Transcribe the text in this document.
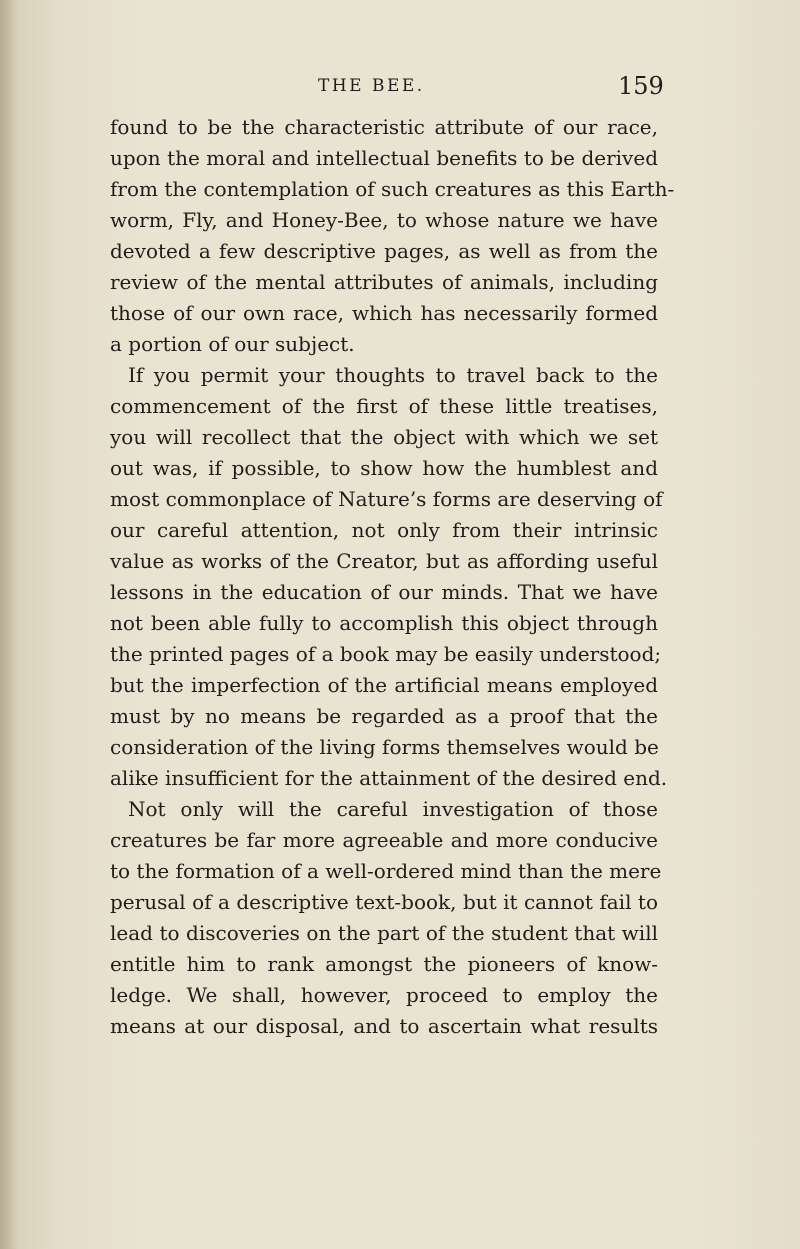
THE BEE.	159
found to be the characteristic attribute of our race,
upon the moral and intellectual benefits to be derived
from the contemplation of such creatures as this Earth-
worm, Fly, and Honey-Bee, to whose nature we have
devoted a few descriptive pages, as well as from the
review of the mental attributes of animals, including
those of our own race, which has necessarily formed
a portion of our subject.
If you permit your thoughts to travel back to the
commencement of the first of these little treatises,
you will recollect that the object with which we set
out was, if possible, to show how the humblest and
most commonplace of Nature’s forms are deserving of
our careful attention, not only from their intrinsic
value as works of the Creator, but as affording useful
lessons in the education of our minds. That we have
not been able fully to accomplish this object through
the printed pages of a book may be easily understood;
but the imperfection of the artificial means employed
must by no means be regarded as a proof that the
consideration of the living forms themselves would be
alike insufficient for the attainment of the desired end.
Not only will the careful investigation of those
creatures be far more agreeable and more conducive
to the formation of a well-ordered mind than the mere
perusal of a descriptive text-book, but it cannot fail to
lead to discoveries on the part of the student that will
entitle him to rank amongst the pioneers of know-
ledge. We shall, however, proceed to employ the
means at our disposal, and to ascertain what results
